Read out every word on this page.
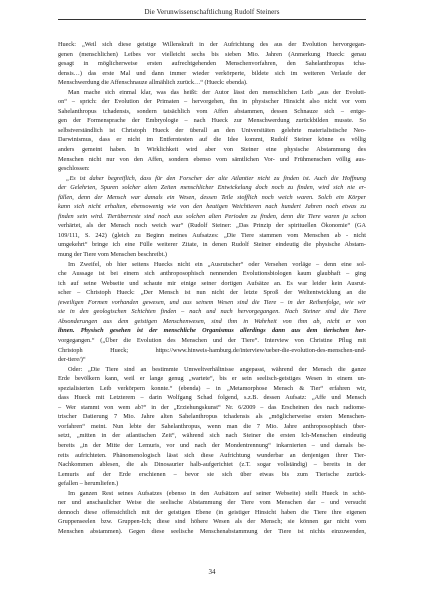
Die Verunwissenschaftlichung Rudolf Steiners
Hueck: „Weil sich diese geistige Willenskraft in der Aufrichtung des aus der Evolution hervorgegan-
genen (menschlichen) Leibes vor vielleicht sechs bis sieben Mio. Jahren (Anmerkung Hueck: genau
gesagt in möglicherweise ersten aufrechtgehenden Menschenvorfahren, den Sahelanthropus tcha-
densis…) das erste Mal und dann immer wieder verkörperte, bildete sich im weiteren Verlaufe der
Menschwerdung die Affenschnauze allmählich zurück…“ (Hueck: ebenda).
Man mache sich einmal klar, was das heißt: der Autor lässt den menschlichen Leib „aus der Evoluti-
on“ – sprich: der Evolution der Primaten – hervorgehen, ihn in physischer Hinsicht also nicht vor vom
Sahelanthropus tchadensis, sondern tatsächlich vom Affen abstammen, dessen Schnauze sich – entge-
gen der Formensprache der Embryologie – nach Hueck zur Menschwerdung zurückbilden musste. So
selbstverständlich ist Christoph Hueck der überall an den Universitäten gelehrte materialistische Neo-
Darwinismus, dass er nicht im Entferntesten auf die Idee kommt, Rudolf Steiner könne es völlig
anders gemeint haben. In Wirklichkeit wird aber von Steiner eine physische Abstammung des
Menschen nicht nur von den Affen, sondern ebenso vom sämtlichen Vor- und Frühmenschen völlig aus-
geschlossen:
„Es ist daher begreiflich, dass für den Forscher der alte Atlantier nicht zu finden ist. Auch die Hoffnung
der Gelehrten, Spuren solcher alten Zeiten menschlicher Entwickelung doch noch zu finden, wird sich nie er-
füllen, denn der Mensch war damals ein Wesen, dessen Teile stofflich noch weich waren. Solch ein Körper
kann sich nicht erhalten, ebensowenig wie von den heutigen Weichtieren nach hundert Jahren noch etwas zu
finden sein wird. Tierüberreste sind noch aus solchen alten Perioden zu finden, denn die Tiere waren ja schon
verhärtet, als der Mensch noch weich war“ (Rudolf Steiner: „Das Prinzip der spirituellen Ökonomie“ (GA
109/111, S. 242) (gleich zu Beginn meines Aufsatzes: „Die Tiere stammen vom Menschen ab - nicht
umgekehrt“ bringe ich eine Fülle weiterer Zitate, in denen Rudolf Steiner eindeutig die physische Abstam-
mung der Tiere vom Menschen beschreibt.)
Im Zweifel, ob hier seitens Huecks nicht ein „Ausrutscher“ oder Versehen vorläge – denn eine sol-
che Aussage ist bei einem sich anthroposophisch nennenden Evolutionsbiologen kaum glaubhaft – ging
ich auf seine Webseite und schaute mir einige seiner dortigen Aufsätze an. Es war leider kein Ausrut-
scher – Christoph Hueck: „Der Mensch ist nun nicht der letzte Sproß der Weltentwicklung an die
jeweiligen Formen vorhanden gewesen, und aus seinem Wesen sind die Tiere – in der Reihenfolge, wie wir
sie in den geologischen Schichten finden – nach und nach hervorgegangen. Nach Steiner sind die Tiere
Absonderungen aus dem geistigen Menschenwesen, sind ihm in Wahrheit von ihm ab, nicht er von
ihnen. Physisch gesehen ist der menschliche Organismus allerdings dann aus dem tierischen her-
vorgegangen.“ („Über die Evolution des Menschen und der Tiere“. Interview von Christine Pflug mit
Christoph Hueck; https://www.hinweis-hamburg.de/interview/ueber-die-evolution-des-menschen-und-
der-tiere/)“
Oder: „Die Tiere sind an bestimmte Umweltverhältnisse angepasst, während der Mensch die ganze
Erde bevölkern kann, weil er lange genug „wartete“, bis er sein seelisch-geistiges Wesen in einem un-
spezialisierten Leib verkörpern konnte.“ (ebenda) – in „Metamorphose Mensch & Tier“ erfahren wir,
dass Hueck mit Letzterem – darin Wolfgang Schad folgend, s.z.B. dessen Aufsatz: „Affe und Mensch
– Wer stammt von wem ab?“ in der „Erziehungskunst“ Nr. 6/2009 – das Erscheinen des nach radiome-
trischer Datierung 7 Mio. Jahre alten Sahelanthropus tchadensis als „möglicherweise ersten Menschen-
vorfahren“ meint. Nun lebte der Sahelanthropus, wenn man die 7 Mio. Jahre anthroposophisch über-
setzt, „mitten in der atlantischen Zeit“, während sich nach Steiner die ersten Ich-Menschen eindeutig
bereits „in der Mitte der Lemuris, vor und nach der Mondentrennung“ inkarnierten – und damals be-
reits aufrichteten. Phänomenologisch lässt sich diese Aufrichtung wunderbar an denjenigen ihrer Tier-
Nachkommen ablesen, die als Dinosaurier halb-aufgerichtet (z.T. sogar vollständig) – bereits in der
Lemuris auf der Erde erschienen – bevor sie sich über etwas bis zum Tierische zurück-
gefallen – herumliefen.)
Im ganzen Rest seines Aufsatzes (ebenso in den Aufsätzen auf seiner Webseite) stellt Hueck in schö-
ner und anschaulicher Weise die seelische Abstammung der Tiere vom Menschen dar – und versucht
dennoch diese offensichtlich mit der geistigen Ebene (in geistiger Hinsicht haben die Tiere ihre eigenen
Gruppenseelen bzw. Gruppen-Ich; diese sind höhere Wesen als der Mensch; sie können gar nicht vom
Menschen abstammen). Gegen diese seelische Menschenabstammung der Tiere ist nichts einzuwenden,
34
